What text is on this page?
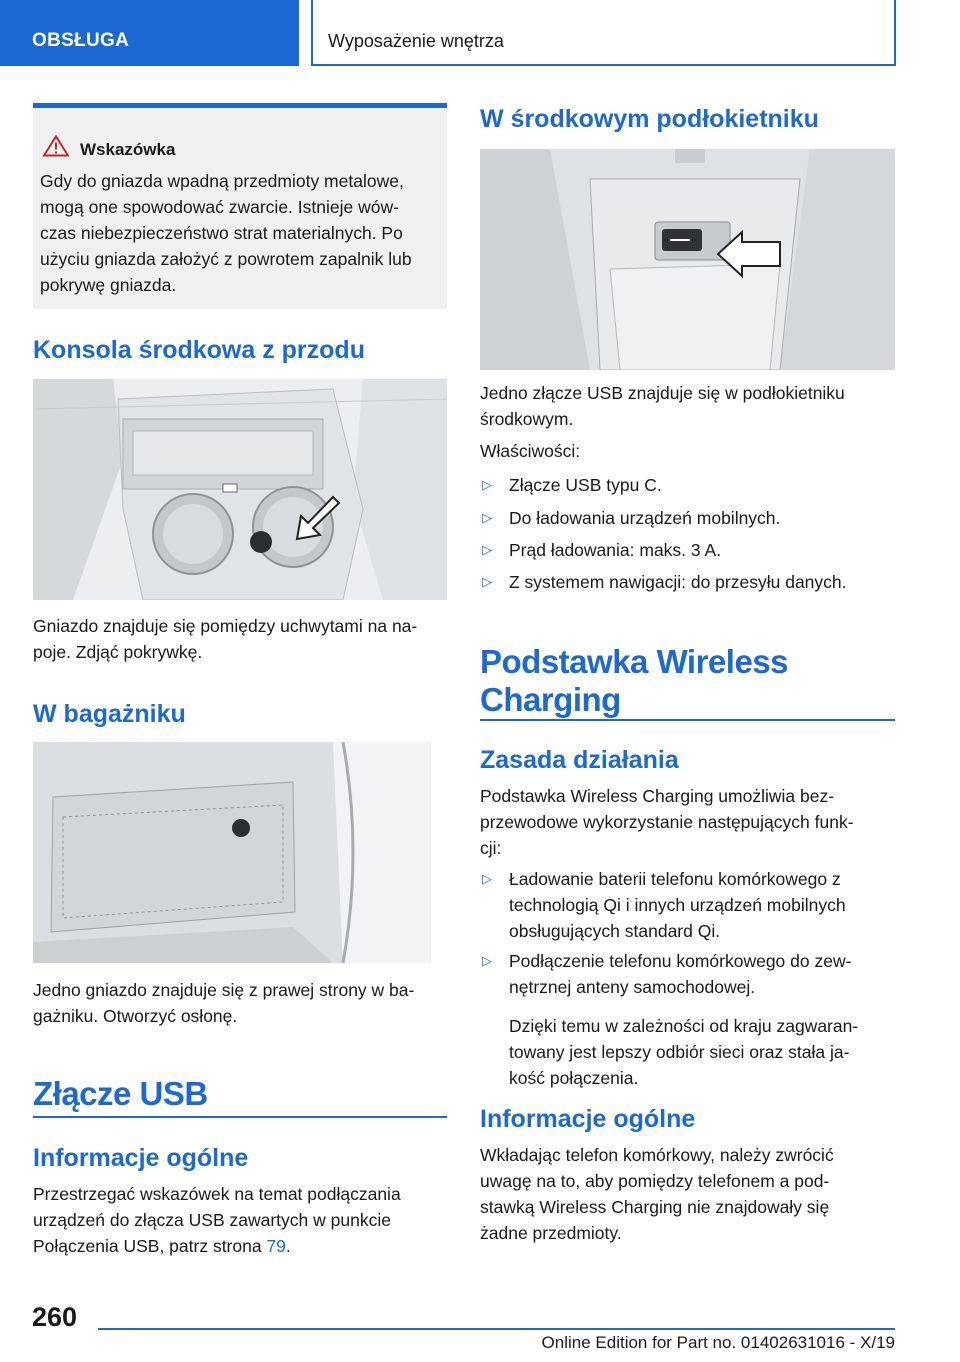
OBSŁUGA	Wyposażenie wnętrza
Wskazówka
Gdy do gniazda wpadną przedmioty metalowe,
mogą one spowodować zwarcie. Istnieje wów‐
czas niebezpieczeństwo strat materialnych. Po
użyciu gniazda założyć z powrotem zapalnik lub
pokrywę gniazda.
Konsola środkowa z przodu
Gniazdo znajduje się pomiędzy uchwytami na na‐
poje. Zdjąć pokrywkę.
W bagażniku
Jedno gniazdo znajduje się z prawej strony w ba‐
gażniku. Otworzyć osłonę.
Złącze USB
Informacje ogólne
Przestrzegać wskazówek na temat podłączania
urządzeń do złącza USB zawartych w punkcie
Połączenia USB, patrz strona 79.
W środkowym podłokietniku
Jedno złącze USB znajduje się w podłokietniku
środkowym.
Właściwości:
▷ Złącze USB typu C.
▷ Do ładowania urządzeń mobilnych.
▷ Prąd ładowania: maks. 3 A.
▷ Z systemem nawigacji: do przesyłu danych.
Podstawka Wireless
Charging
Zasada działania
Podstawka Wireless Charging umożliwia bez‐
przewodowe wykorzystanie następujących funk‐
cji:
▷ Ładowanie baterii telefonu komórkowego z
technologią Qi i innych urządzeń mobilnych
obsługujących standard Qi.
▷ Podłączenie telefonu komórkowego do zew‐
nętrznej anteny samochodowej.
Dzięki temu w zależności od kraju zagwaran‐
towany jest lepszy odbiór sieci oraz stała ja‐
kość połączenia.
Informacje ogólne
Wkładając telefon komórkowy, należy zwrócić
uwagę na to, aby pomiędzy telefonem a pod‐
stawką Wireless Charging nie znajdowały się
żadne przedmioty.
260
Online Edition for Part no. 01402631016 - X/19
